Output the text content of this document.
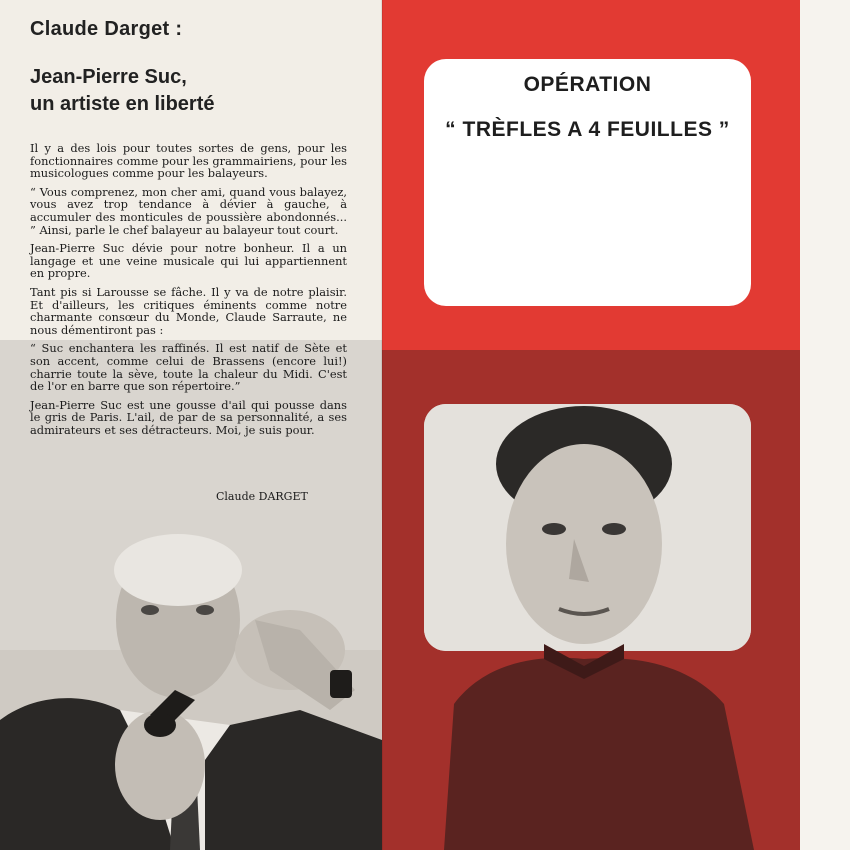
Claude Darget :
Jean-Pierre Suc,
un artiste en liberté

Il y a des lois pour toutes sortes de gens, pour les fonctionnaires comme pour les grammairiens, pour les musicologues comme pour les balayeurs.

“ Vous comprenez, mon cher ami, quand vous balayez, vous avez trop tendance à dévier à gauche, à accumuler des monticules de poussière abondonnés... ” Ainsi, parle le chef balayeur au balayeur tout court.

Jean-Pierre Suc dévie pour notre bonheur. Il a un langage et une veine musicale qui lui appartiennent en propre.

Tant pis si Larousse se fâche. Il y va de notre plaisir. Et d'ailleurs, les critiques éminents comme notre charmante consœur du Monde, Claude Sarraute, ne nous démentiront pas :

“ Suc enchantera les raffinés. Il est natif de Sète et son accent, comme celui de Brassens (encore lui!) charrie toute la sève, toute la chaleur du Midi. C'est de l'or en barre que son répertoire.”

Jean-Pierre Suc est une gousse d'ail qui pousse dans le gris de Paris. L'ail, de par de sa personnalité, a ses admirateurs et ses détracteurs. Moi, je suis pour.

Claude DARGET
OPÉRATION
“ TRÈFLES A 4 FEUILLES ”
